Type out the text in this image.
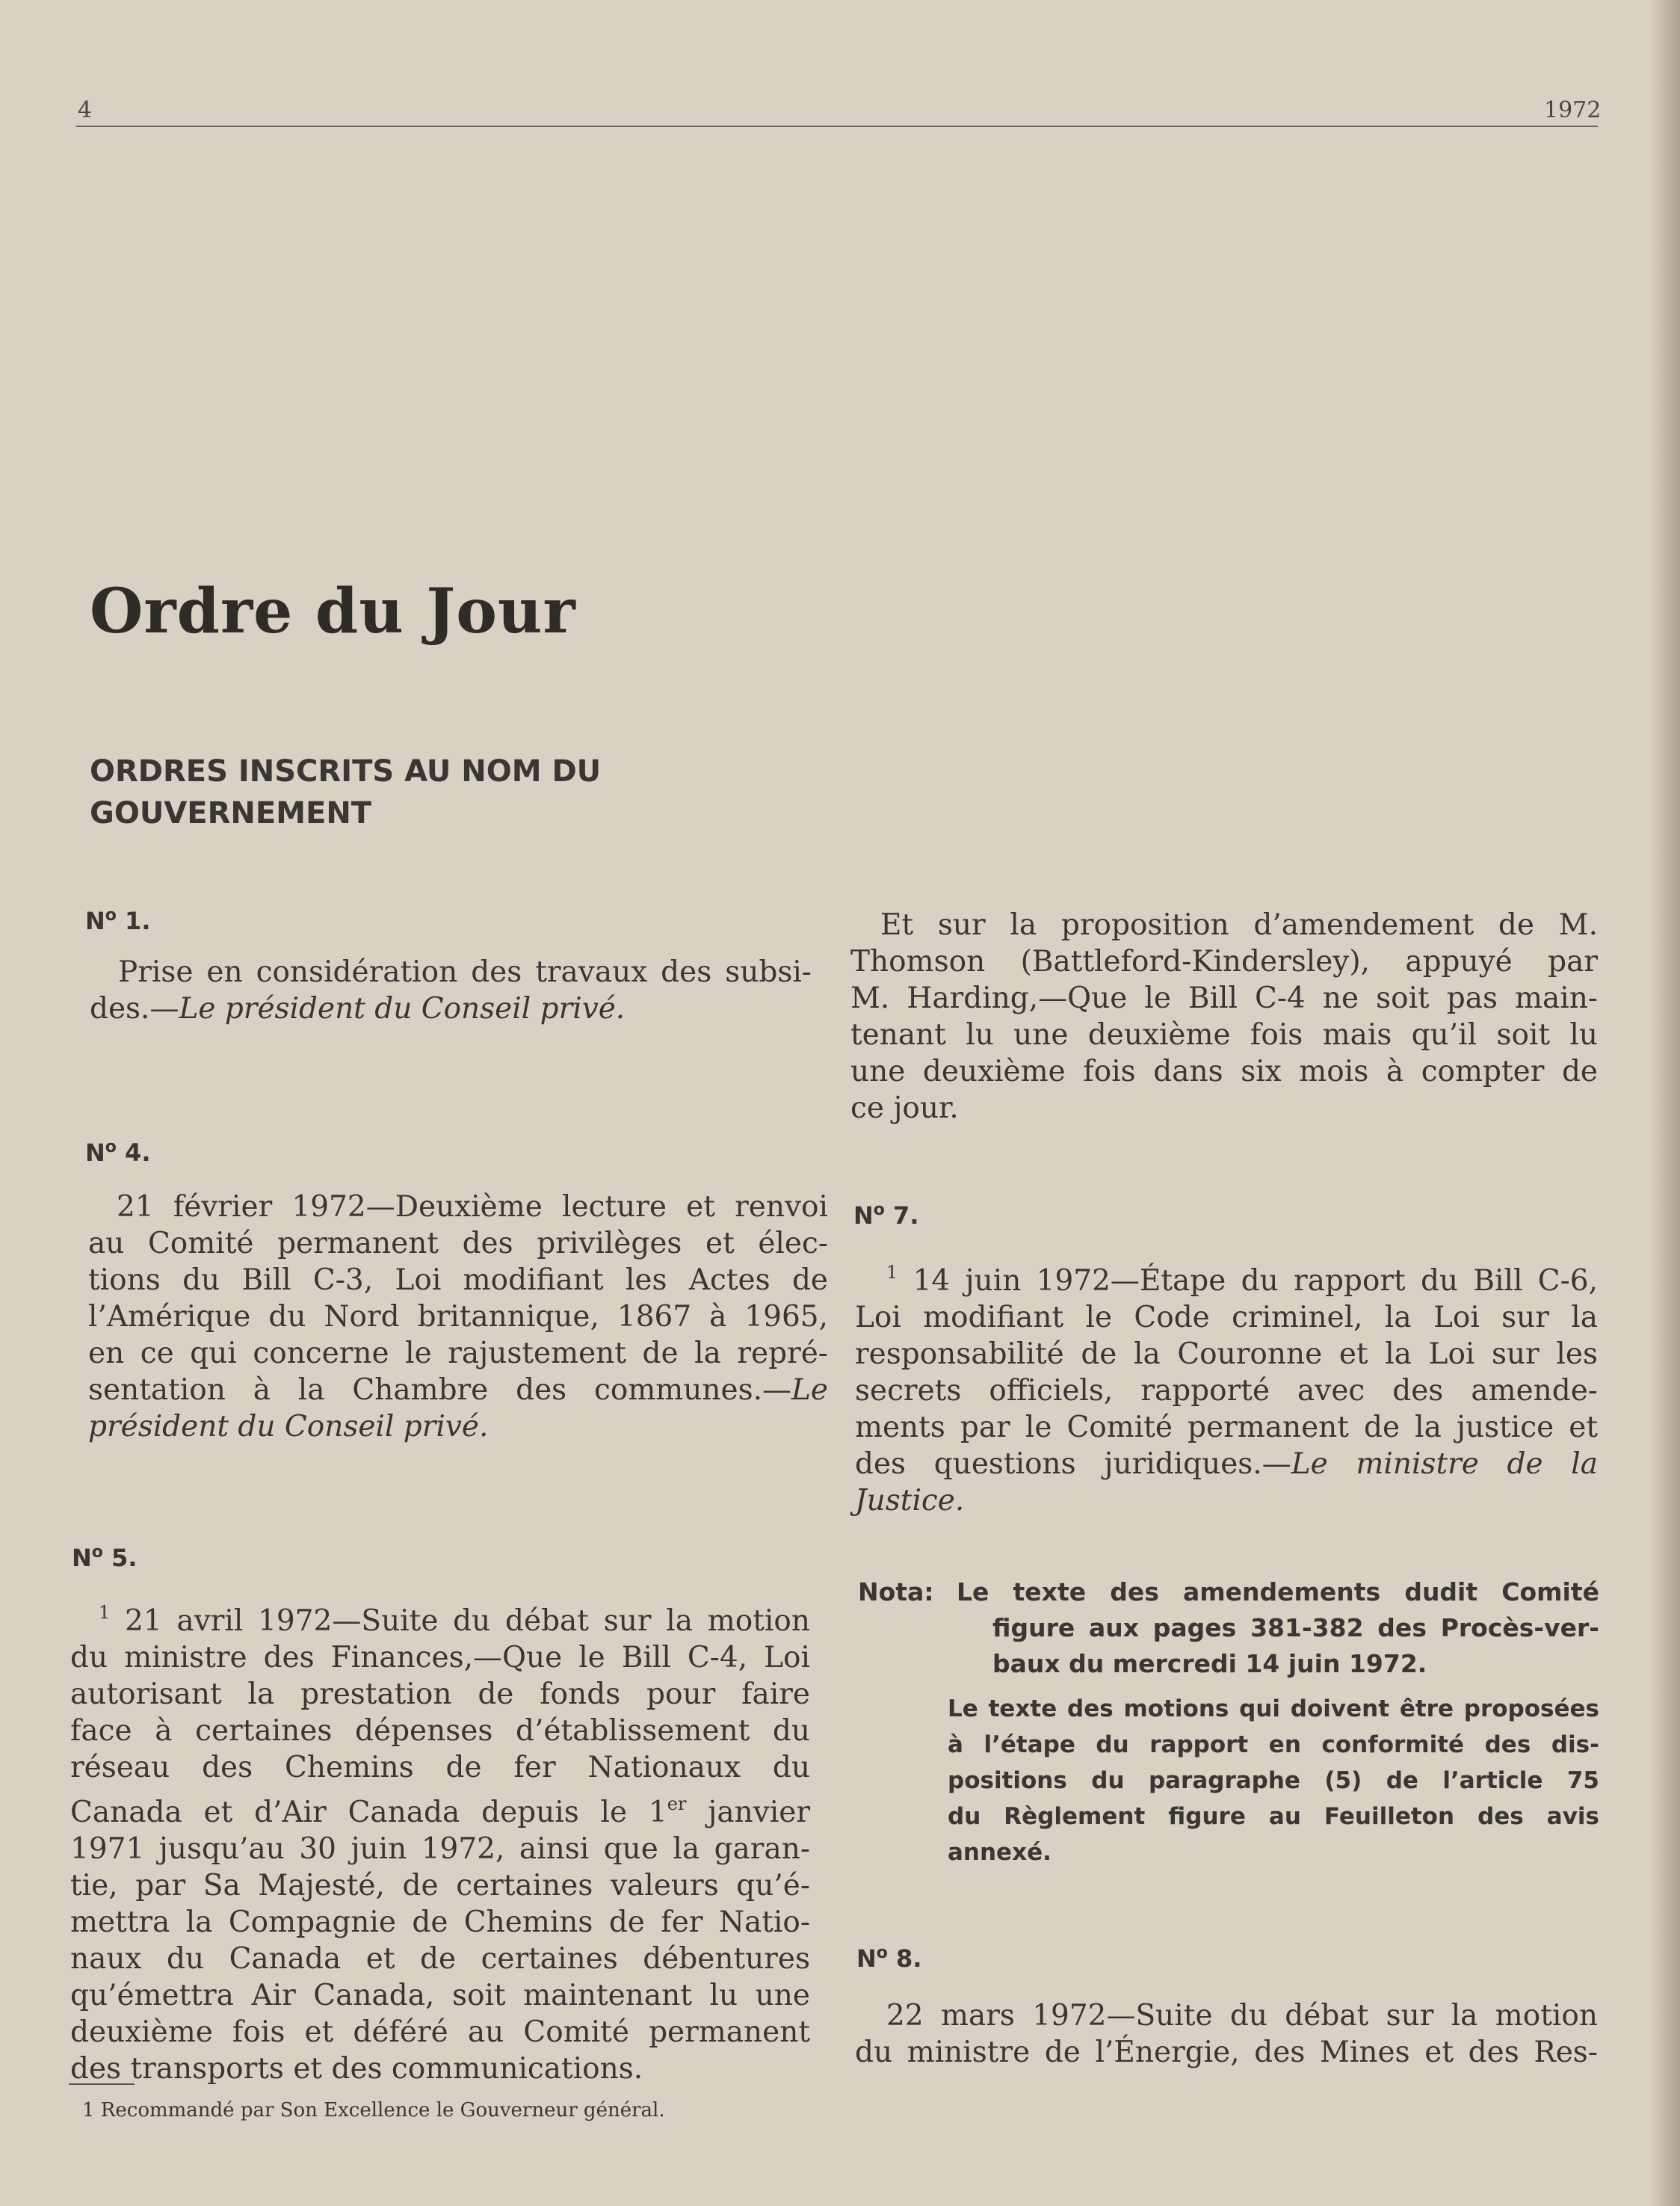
4	1972
Ordre du Jour
ORDRES INSCRITS AU NOM DU
GOUVERNEMENT
$N^o$ 1.
Prise en considération des travaux des subsi-
des.—Le président du Conseil privé.
$N^o$ 4.
21 février 1972—Deuxième lecture et renvoi
au Comité permanent des privilèges et élec-
tions du Bill C-3, Loi modifiant les Actes de
l’Amérique du Nord britannique, 1867 à 1965,
en ce qui concerne le rajustement de la repré-
sentation à la Chambre des communes.—Le
président du Conseil privé.
$N^o$ 5.
$^1$ 21 avril 1972—Suite du débat sur la motion
du ministre des Finances,—Que le Bill C-4, Loi
autorisant la prestation de fonds pour faire
face à certaines dépenses d’établissement du
réseau des Chemins de fer Nationaux du
Canada et d’Air Canada depuis le 1er janvier
1971 jusqu’au 30 juin 1972, ainsi que la garan-
tie, par Sa Majesté, de certaines valeurs qu’é-
mettra la Compagnie de Chemins de fer Natio-
naux du Canada et de certaines débentures
qu’émettra Air Canada, soit maintenant lu une
deuxième fois et déféré au Comité permanent
des transports et des communications.
Et sur la proposition d’amendement de M.
Thomson (Battleford-Kindersley), appuyé par
M. Harding,—Que le Bill C-4 ne soit pas main-
tenant lu une deuxième fois mais qu’il soit lu
une deuxième fois dans six mois à compter de
ce jour.
$N^o$ 7.
$^1$ 14 juin 1972—Étape du rapport du Bill C-6,
Loi modifiant le Code criminel, la Loi sur la
responsabilité de la Couronne et la Loi sur les
secrets officiels, rapporté avec des amende-
ments par le Comité permanent de la justice et
des questions juridiques.—Le ministre de la
Justice.
Nota: Le texte des amendements dudit Comité
figure aux pages 381-382 des Procès-ver-
baux du mercredi 14 juin 1972.
Le texte des motions qui doivent être proposées
à l’étape du rapport en conformité des dis-
positions du paragraphe (5) de l’article 75
du Règlement figure au Feuilleton des avis
annexé.
$N^o$ 8.
22 mars 1972—Suite du débat sur la motion
du ministre de l’Énergie, des Mines et des Res-
1 Recommandé par Son Excellence le Gouverneur général.
